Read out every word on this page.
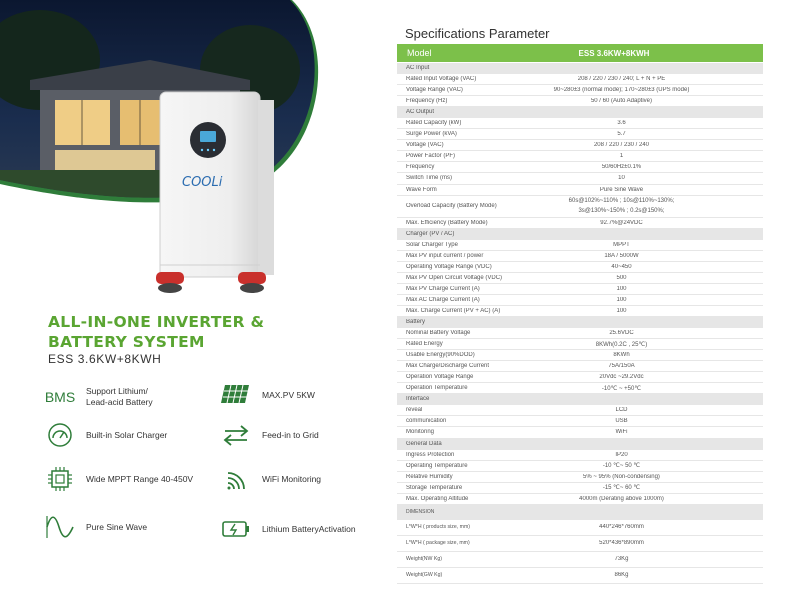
COOLi
ALL-IN-ONE INVERTER & BATTERY SYSTEM
ESS 3.6KW+8KWH
BMS Support Lithium/
Lead-acid Battery
MAX.PV 5KW
Built-in Solar Charger	Feed-in to Grid
Wide MPPT Range 40-450V	WiFi Monitoring
Pure Sine Wave	Lithium BatteryActivation
Specifications Parameter
Model	ESS 3.6KW+8KWH
AC Input
Rated Input Voltage (VAC)	208 / 220 / 230 / 240; L + N + PE
Voltage Range (VAC)	90~280±3 (normal mode); 170~280±3 (UPS mode)
Frequency (Hz)	50 / 60 (Auto Adaptive)
AC Output
Rated Capacity (kW)	3.6
Surge Power (kVA)	5.7
Voltage (VAC)	208 / 220 / 230 / 240
Power Factor (PF)	1
Frequency	50/60Hz±0.1%
Switch Time (ms)	10
Wave Form	Pure Sine Wave
Overload Capacity (Battery Mode)
60s@102%~110% ; 10s@110%~130%;
3s@130%~150% ; 0.2s@150%;
Max. Efficiency (Battery Mode)	92.7%@24VDC
Charger (PV / AC)
Solar Charger Type	MPPT
Max PV input current / power	18A / 5000W
Operating Voltage Range (VDC)	40~450
Max PV Open Circuit Voltage (VDC)	500
Max PV Charge Current (A)	100
Max AC Charge Current (A)	100
Max. Charge Current (PV + AC) (A)	100
Battery
Nominal Battery Voltage	25.6VDC
Rated Energy	8KWh(0.2C , 25℃)
Usable Energy(90%DOD)	8KWh
Max Charge/Discharge Current	75A/150A
Operation Voltage Range	20Vdc ~29.2Vdc
Operation Temperature	-10℃ ~ +50℃
Interface
reveal	LCD
communication	USB
Monitoring	WiFi
General Data
Ingress Protection	IP20
Operating Temperature	-10 ℃~ 50 ℃
Relative Humidity	5% ~ 95% (Non-condensing)
Storage Temperature	-15 ℃~ 60 ℃
Max. Operating Altitude	4000m (Derating above 1000m)
DIMENSION
L*W*H ( products size, mm)	440*246*760mm
L*W*H ( package size, mm)	520*436*890mm
Weight(NW Kg)	73Kg
Weight(GW Kg)	86Kg
